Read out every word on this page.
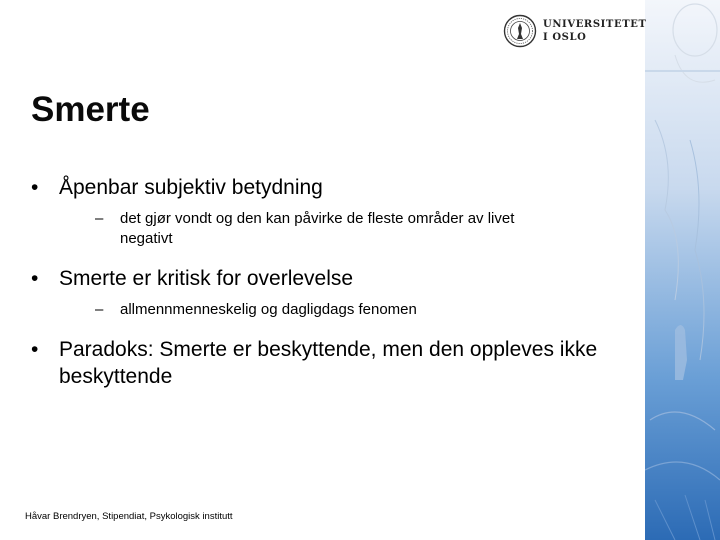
UNIVERSITETET
I OSLO
Smerte
• Åpenbar subjektiv betydning
– det gjør vondt og den kan påvirke de fleste områder av livet negativt
• Smerte er kritisk for overlevelse
– allmennmenneskelig og dagligdags fenomen
• Paradoks: Smerte er beskyttende, men den oppleves ikke beskyttende
Håvar Brendryen, Stipendiat, Psykologisk institutt
